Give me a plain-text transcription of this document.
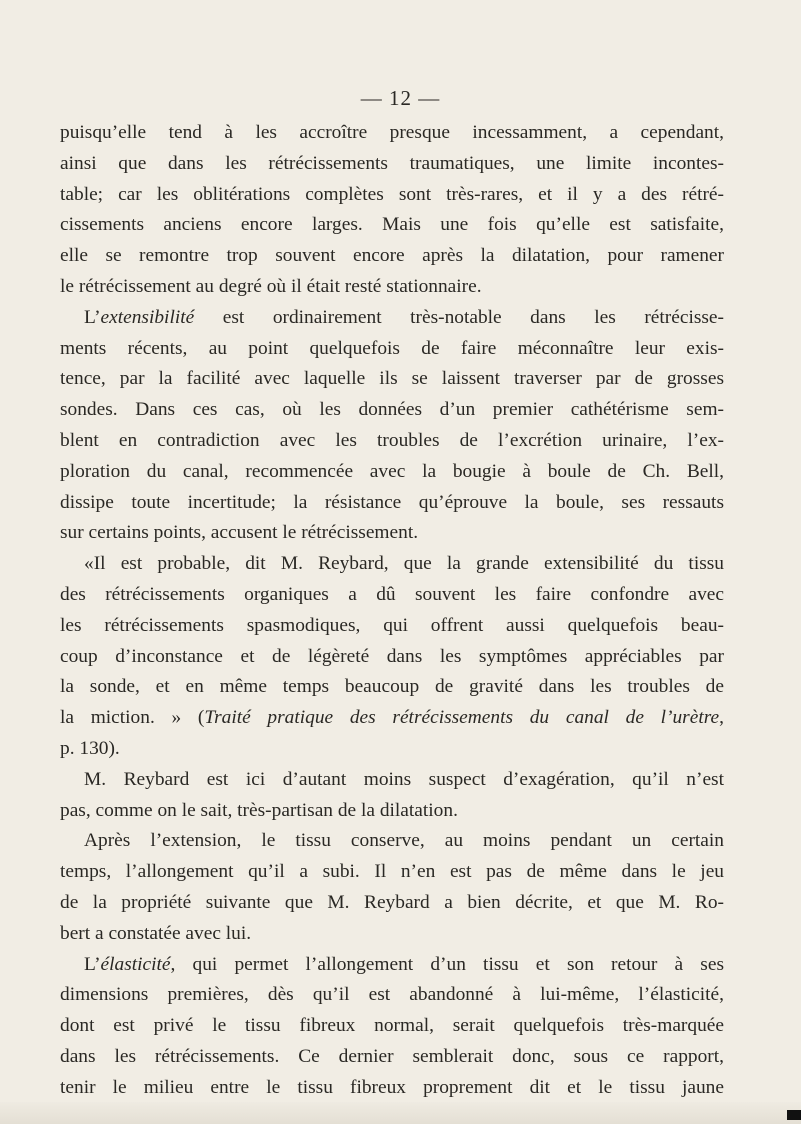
— 12 —
puisqu’elle tend à les accroître presque incessamment, a cependant,
ainsi que dans les rétrécissements traumatiques, une limite incontes-
table; car les oblitérations complètes sont très-rares, et il y a des rétré-
cissements anciens encore larges. Mais une fois qu’elle est satisfaite,
elle se remontre trop souvent encore après la dilatation, pour ramener
le rétrécissement au degré où il était resté stationnaire.
L’extensibilité est ordinairement très-notable dans les rétrécisse-
ments récents, au point quelquefois de faire méconnaître leur exis-
tence, par la facilité avec laquelle ils se laissent traverser par de grosses
sondes. Dans ces cas, où les données d’un premier cathétérisme sem-
blent en contradiction avec les troubles de l’excrétion urinaire, l’ex-
ploration du canal, recommencée avec la bougie à boule de Ch. Bell,
dissipe toute incertitude; la résistance qu’éprouve la boule, ses ressauts
sur certains points, accusent le rétrécissement.
«Il est probable, dit M. Reybard, que la grande extensibilité du tissu
des rétrécissements organiques a dû souvent les faire confondre avec
les rétrécissements spasmodiques, qui offrent aussi quelquefois beau-
coup d’inconstance et de légèreté dans les symptômes appréciables par
la sonde, et en même temps beaucoup de gravité dans les troubles de
la miction. » (Traité pratique des rétrécissements du canal de l’urètre,
p. 130).
M. Reybard est ici d’autant moins suspect d’exagération, qu’il n’est
pas, comme on le sait, très-partisan de la dilatation.
Après l’extension, le tissu conserve, au moins pendant un certain
temps, l’allongement qu’il a subi. Il n’en est pas de même dans le jeu
de la propriété suivante que M. Reybard a bien décrite, et que M. Ro-
bert a constatée avec lui.
L’élasticité, qui permet l’allongement d’un tissu et son retour à ses
dimensions premières, dès qu’il est abandonné à lui-même, l’élasticité,
dont est privé le tissu fibreux normal, serait quelquefois très-marquée
dans les rétrécissements. Ce dernier semblerait donc, sous ce rapport,
tenir le milieu entre le tissu fibreux proprement dit et le tissu jaune
